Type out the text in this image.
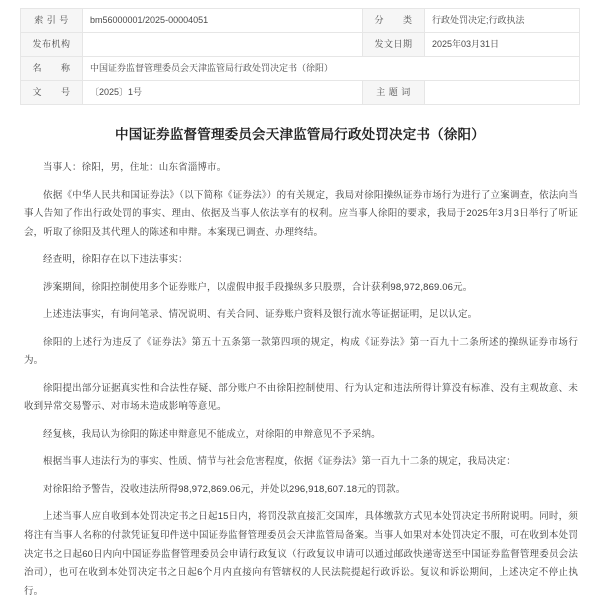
索 引 号	bm56000001/2025-00004051	分　　类	行政处罚决定;行政执法
发布机构		发文日期	2025年03月31日
名　　称	中国证券监督管理委员会天津监管局行政处罚决定书（徐阳）		
文　　号	〔2025〕1号	主 题 词	
中国证券监督管理委员会天津监管局行政处罚决定书（徐阳）

当事人：徐阳，男，住址：山东省淄博市。

依据《中华人民共和国证券法》（以下简称《证券法》）的有关规定，我局对徐阳操纵证券市场行为进行了立案调查，依法向当事人告知了作出行政处罚的事实、理由、依据及当事人依法享有的权利。应当事人徐阳的要求，我局于2025年3月3日举行了听证会，听取了徐阳及其代理人的陈述和申辩。本案现已调查、办理终结。

经查明，徐阳存在以下违法事实：

涉案期间，徐阳控制使用多个证券账户，以虚假申报手段操纵多只股票，合计获利98,972,869.06元。

上述违法事实，有询问笔录、情况说明、有关合同、证券账户资料及银行流水等证据证明，足以认定。

徐阳的上述行为违反了《证券法》第五十五条第一款第四项的规定，构成《证券法》第一百九十二条所述的操纵证券市场行为。

徐阳提出部分证据真实性和合法性存疑、部分账户不由徐阳控制使用、行为认定和违法所得计算没有标准、没有主观故意、未收到异常交易警示、对市场未造成影响等意见。

经复核，我局认为徐阳的陈述申辩意见不能成立，对徐阳的申辩意见不予采纳。

根据当事人违法行为的事实、性质、情节与社会危害程度，依据《证券法》第一百九十二条的规定，我局决定：

对徐阳给予警告，没收违法所得98,972,869.06元，并处以296,918,607.18元的罚款。

上述当事人应自收到本处罚决定书之日起15日内，将罚没款直接汇交国库，具体缴款方式见本处罚决定书所附说明。同时，须将注有当事人名称的付款凭证复印件送中国证券监督管理委员会天津监管局备案。当事人如果对本处罚决定不服，可在收到本处罚决定书之日起60日内向中国证券监督管理委员会申请行政复议（行政复议申请可以通过邮政快递寄送至中国证券监督管理委员会法治司），也可在收到本处罚决定书之日起6个月内直接向有管辖权的人民法院提起行政诉讼。复议和诉讼期间，上述决定不停止执行。
